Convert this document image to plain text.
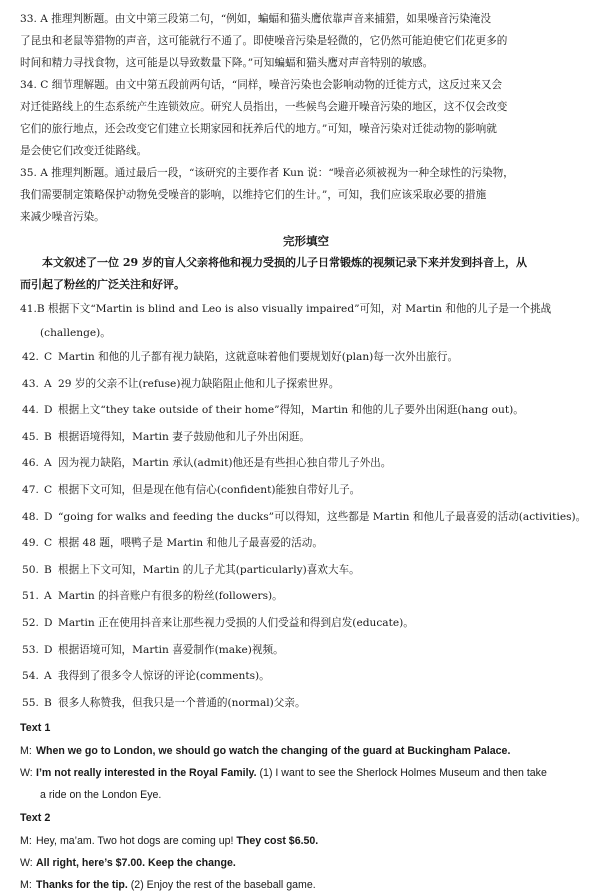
33. A 推理判断题。由文中第三段第二句，“例如，蝙蝠和猫头鹰依靠声音来捕猎，如果噪音污染淹没

了昆虫和老鼠等猎物的声音，这可能就行不通了。即使噪音污染是轻微的，它仍然可能迫使它们花更多的

时间和精力寻找食物，这可能是以导致数量下降。”可知蝙蝠和猫头鹰对声音特别的敏感。

34. C 细节理解题。由文中第五段前两句话，“同样，噪音污染也会影响动物的迁徙方式，这反过来又会

对迁徙路线上的生态系统产生连锁效应。研究人员指出，一些候鸟会避开噪音污染的地区，这不仅会改变

它们的旅行地点，还会改变它们建立长期家园和抚养后代的地方。”可知，噪音污染对迁徙动物的影响就

是会使它们改变迁徙路线。

35. A 推理判断题。通过最后一段，“该研究的主要作者 Kun 说：“噪音必须被视为一种全球性的污染物，

我们需要制定策略保护动物免受噪音的影响，以维持它们的生计。”，可知，我们应该采取必要的措施

来减少噪音污染。

完形填空

本文叙述了一位 29 岁的盲人父亲将他和视力受损的儿子日常锻炼的视频记录下来并发到抖音上，从

而引起了粉丝的广泛关注和好评。

41.B 根据下文“Martin is blind and Leo is also visually impaired”可知，对 Martin 和他的儿子是一个挑战

(challenge)。

42. C Martin 和他的儿子都有视力缺陷，这就意味着他们要规划好(plan)每一次外出旅行。

43. A 29 岁的父亲不让(refuse)视力缺陷阻止他和儿子探索世界。

44. D 根据上文“they take outside of their home”得知，Martin 和他的儿子要外出闲逛(hang out)。

45. B 根据语境得知，Martin 妻子鼓励他和儿子外出闲逛。

46. A 因为视力缺陷，Martin 承认(admit)他还是有些担心独自带儿子外出。

47. C 根据下文可知，但是现在他有信心(confident)能独自带好儿子。

48. D “going for walks and feeding the ducks”可以得知，这些都是 Martin 和他儿子最喜爱的活动(activities)。

49. C 根据 48 题，喂鸭子是 Martin 和他儿子最喜爱的活动。

50. B 根据上下文可知，Martin 的儿子尤其(particularly)喜欢大车。

51. A Martin 的抖音账户有很多的粉丝(followers)。

52. D Martin 正在使用抖音来让那些视力受损的人们受益和得到启发(educate)。

53. D 根据语境可知，Martin 喜爱制作(make)视频。

54. A 我得到了很多令人惊讶的评论(comments)。

55. B 很多人称赞我，但我只是一个普通的(normal)父亲。

Text 1

M: When we go to London, we should go watch the changing of the guard at Buckingham Palace.

W: I’m not really interested in the Royal Family. (1) I want to see the Sherlock Holmes Museum and then take
a ride on the London Eye.

Text 2

M: Hey, ma’am. Two hot dogs are coming up! They cost $6.50.

W: All right, here’s $7.00. Keep the change.

M: Thanks for the tip. (2) Enjoy the rest of the baseball game.
